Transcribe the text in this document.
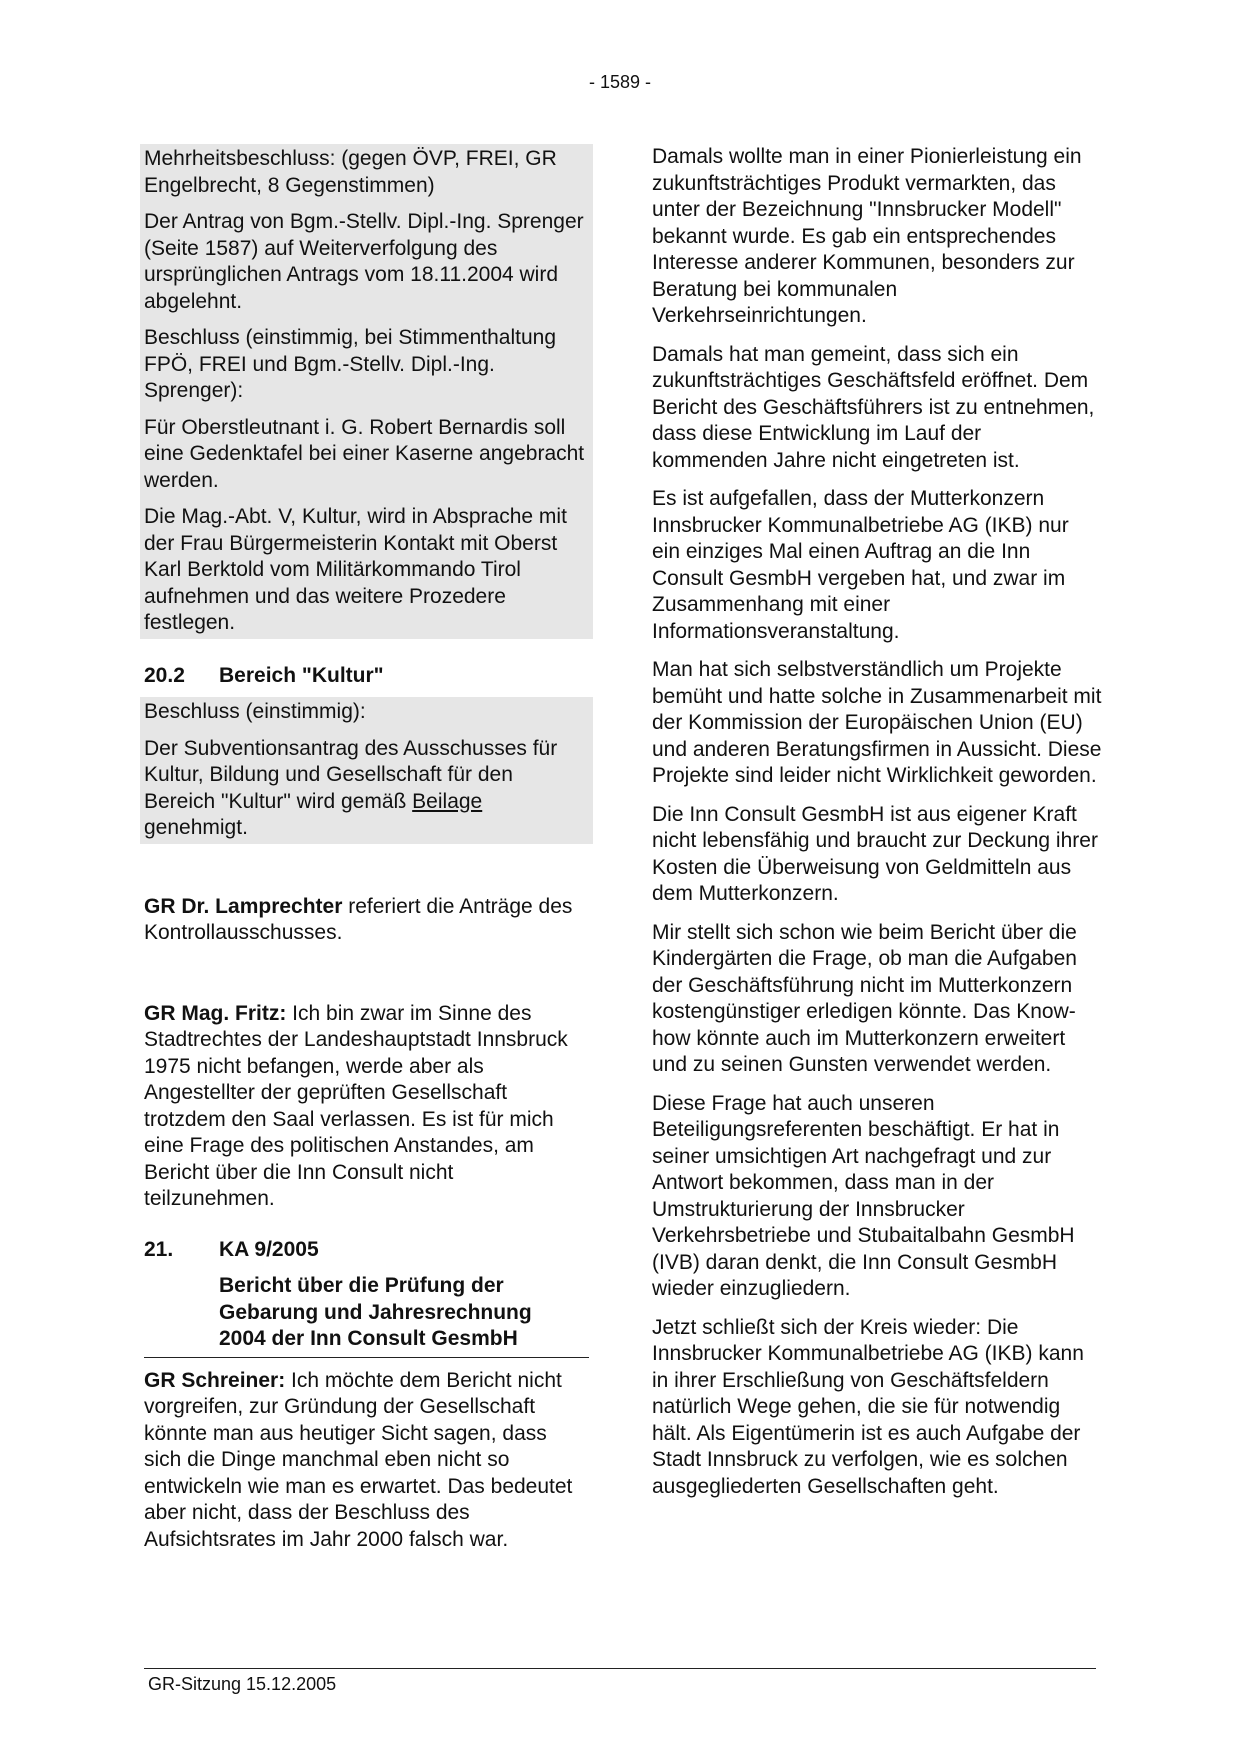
- 1589 -

Mehrheitsbeschluss: (gegen ÖVP, FREI, GR Engelbrecht, 8 Gegenstimmen)

Der Antrag von Bgm.-Stellv. Dipl.-Ing. Sprenger (Seite 1587) auf Weiterverfolgung des ursprünglichen Antrags vom 18.11.2004 wird abgelehnt.

Beschluss (einstimmig, bei Stimmenthaltung FPÖ, FREI und Bgm.-Stellv. Dipl.-Ing. Sprenger):

Für Oberstleutnant i. G. Robert Bernardis soll eine Gedenktafel bei einer Kaserne angebracht werden.

Die Mag.-Abt. V, Kultur, wird in Absprache mit der Frau Bürgermeisterin Kontakt mit Oberst Karl Berktold vom Militärkommando Tirol aufnehmen und das weitere Prozedere festlegen.

20.2	Bereich "Kultur"

Beschluss (einstimmig):

Der Subventionsantrag des Ausschusses für Kultur, Bildung und Gesellschaft für den Bereich "Kultur" wird gemäß Beilage genehmigt.

GR Dr. Lamprechter referiert die Anträge des Kontrollausschusses.

GR Mag. Fritz: Ich bin zwar im Sinne des Stadtrechtes der Landeshauptstadt Innsbruck 1975 nicht befangen, werde aber als Angestellter der geprüften Gesellschaft trotzdem den Saal verlassen. Es ist für mich eine Frage des politischen Anstandes, am Bericht über die Inn Consult nicht teilzunehmen.

21.	KA 9/2005
Bericht über die Prüfung der Gebarung und Jahresrechnung 2004 der Inn Consult GesmbH

GR Schreiner: Ich möchte dem Bericht nicht vorgreifen, zur Gründung der Gesellschaft könnte man aus heutiger Sicht sagen, dass sich die Dinge manchmal eben nicht so entwickeln wie man es erwartet. Das bedeutet aber nicht, dass der Beschluss des Aufsichtsrates im Jahr 2000 falsch war.

Damals wollte man in einer Pionierleistung ein zukunftsträchtiges Produkt vermarkten, das unter der Bezeichnung "Innsbrucker Modell" bekannt wurde. Es gab ein entsprechendes Interesse anderer Kommunen, besonders zur Beratung bei kommunalen Verkehrseinrichtungen.

Damals hat man gemeint, dass sich ein zukunftsträchtiges Geschäftsfeld eröffnet. Dem Bericht des Geschäftsführers ist zu entnehmen, dass diese Entwicklung im Lauf der kommenden Jahre nicht eingetreten ist.

Es ist aufgefallen, dass der Mutterkonzern Innsbrucker Kommunalbetriebe AG (IKB) nur ein einziges Mal einen Auftrag an die Inn Consult GesmbH vergeben hat, und zwar im Zusammenhang mit einer Informationsveranstaltung.

Man hat sich selbstverständlich um Projekte bemüht und hatte solche in Zusammenarbeit mit der Kommission der Europäischen Union (EU) und anderen Beratungsfirmen in Aussicht. Diese Projekte sind leider nicht Wirklichkeit geworden.

Die Inn Consult GesmbH ist aus eigener Kraft nicht lebensfähig und braucht zur Deckung ihrer Kosten die Überweisung von Geldmitteln aus dem Mutterkonzern.

Mir stellt sich schon wie beim Bericht über die Kindergärten die Frage, ob man die Aufgaben der Geschäftsführung nicht im Mutterkonzern kostengünstiger erledigen könnte. Das Know-how könnte auch im Mutterkonzern erweitert und zu seinen Gunsten verwendet werden.

Diese Frage hat auch unseren Beteiligungsreferenten beschäftigt. Er hat in seiner umsichtigen Art nachgefragt und zur Antwort bekommen, dass man in der Umstrukturierung der Innsbrucker Verkehrsbetriebe und Stubaitalbahn GesmbH (IVB) daran denkt, die Inn Consult GesmbH wieder einzugliedern.

Jetzt schließt sich der Kreis wieder: Die Innsbrucker Kommunalbetriebe AG (IKB) kann in ihrer Erschließung von Geschäftsfeldern natürlich Wege gehen, die sie für notwendig hält. Als Eigentümerin ist es auch Aufgabe der Stadt Innsbruck zu verfolgen, wie es solchen ausgegliederten Gesellschaften geht.

GR-Sitzung 15.12.2005
